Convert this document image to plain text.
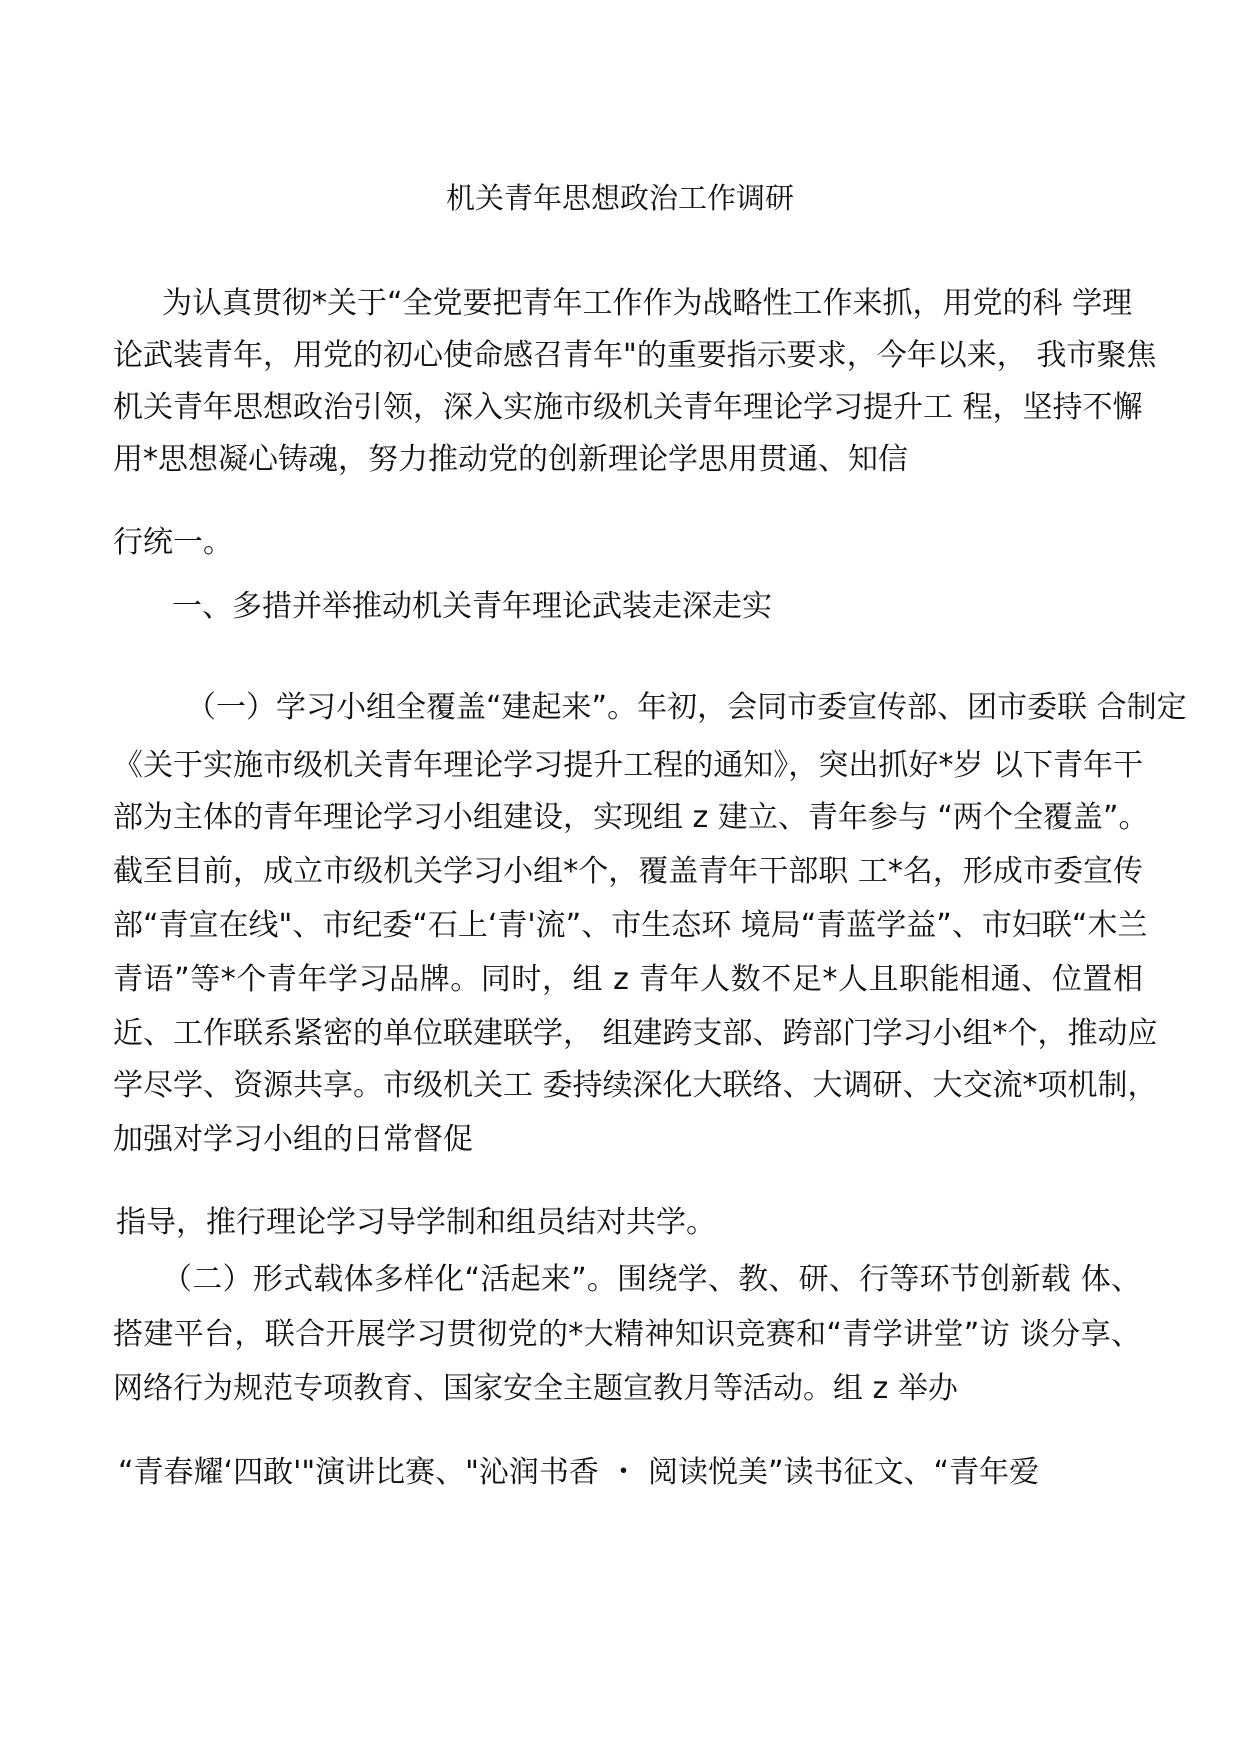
机关青年思想政治工作调研
为认真贯彻*关于“全党要把青年工作作为战略性工作来抓，用党的科 学理
论武装青年，用党的初心使命感召青年"的重要指示要求，今年以来， 我市聚焦
机关青年思想政治引领，深入实施市级机关青年理论学习提升工 程，坚持不懈
用*思想凝心铸魂，努力推动党的创新理论学思用贯通、知信
行统一。
一、多措并举推动机关青年理论武装走深走实
（一）学习小组全覆盖“建起来”。年初，会同市委宣传部、团市委联 合制定
《关于实施市级机关青年理论学习提升工程的通知》，突出抓好*岁 以下青年干
部为主体的青年理论学习小组建设，实现组 z 建立、青年参与 “两个全覆盖”。
截至目前，成立市级机关学习小组*个，覆盖青年干部职 工*名，形成市委宣传
部“青宣在线"、市纪委“石上‘青'流”、市生态环 境局“青蓝学益”、市妇联“木兰
青语”等*个青年学习品牌。同时，组 z 青年人数不足*人且职能相通、位置相
近、工作联系紧密的单位联建联学， 组建跨支部、跨部门学习小组*个，推动应
学尽学、资源共享。市级机关工 委持续深化大联络、大调研、大交流*项机制，
加强对学习小组的日常督促
指导，推行理论学习导学制和组员结对共学。
（二）形式载体多样化“活起来”。围绕学、教、研、行等环节创新载 体、
搭建平台，联合开展学习贯彻党的*大精神知识竞赛和“青学讲堂”访 谈分享、
网络行为规范专项教育、国家安全主题宣教月等活动。组 z 举办
“青春耀‘四敢'"演讲比赛、"沁润书香 ・ 阅读悦美”读书征文、“青年爱
